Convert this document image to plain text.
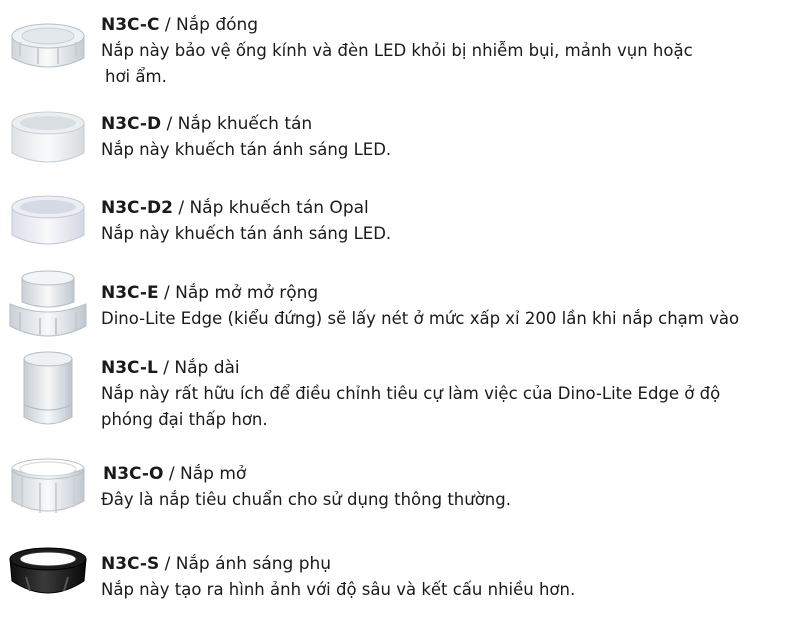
N3C-C / Nắp đóng
Nắp này bảo vệ ống kính và đèn LED khỏi bị nhiễm bụi, mảnh vụn hoặc
hơi ẩm.
N3C-D / Nắp khuếch tán
Nắp này khuếch tán ánh sáng LED.
N3C-D2 / Nắp khuếch tán Opal
Nắp này khuếch tán ánh sáng LED.
N3C-E / Nắp mở mở rộng
Dino-Lite Edge (kiểu đứng) sẽ lấy nét ở mức xấp xỉ 200 lần khi nắp chạm vào
N3C-L / Nắp dài
Nắp này rất hữu ích để điều chỉnh tiêu cự làm việc của Dino-Lite Edge ở độ
phóng đại thấp hơn.
N3C-O / Nắp mở
Đây là nắp tiêu chuẩn cho sử dụng thông thường.
N3C-S / Nắp ánh sáng phụ
Nắp này tạo ra hình ảnh với độ sâu và kết cấu nhiều hơn.
